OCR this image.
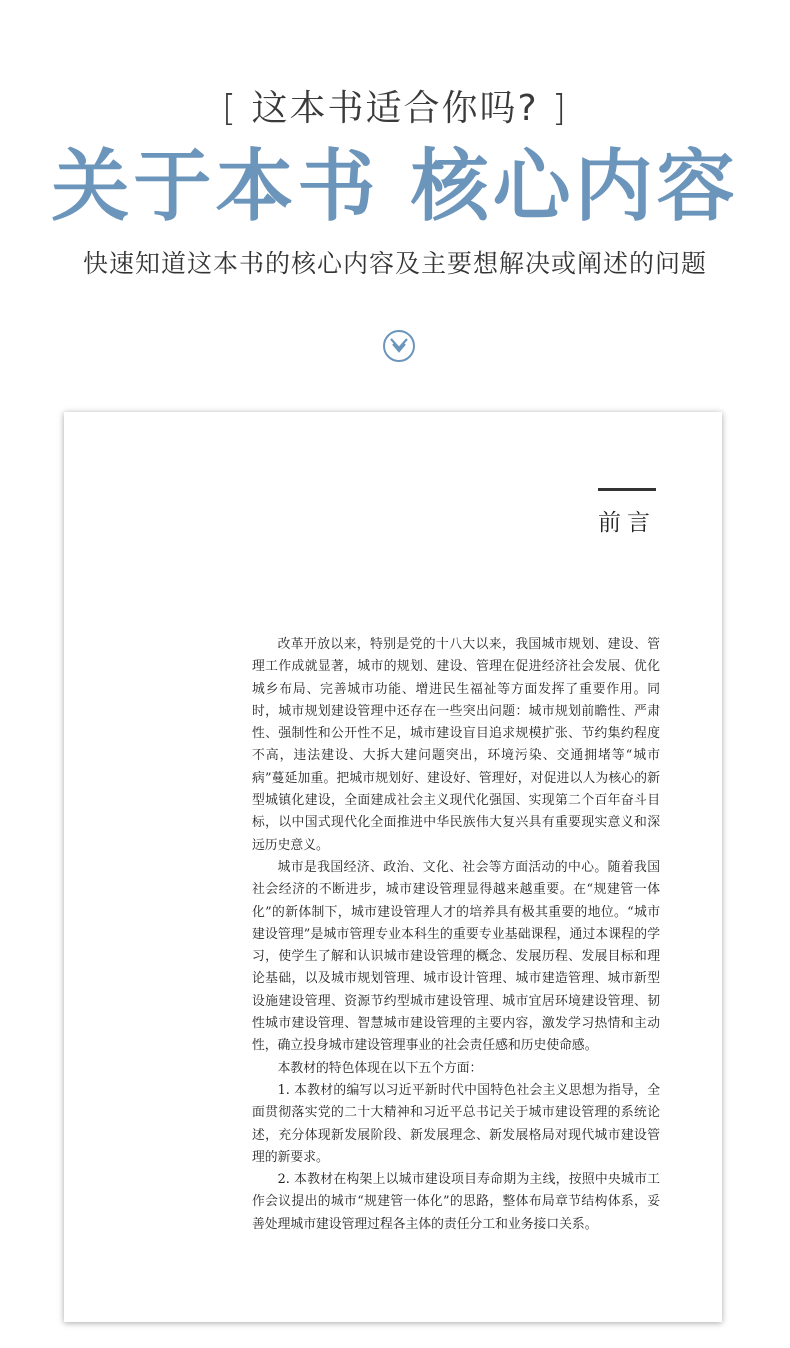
[ 这本书适合你吗? ]
关于本书 核心内容
快速知道这本书的核心内容及主要想解决或阐述的问题
前言

改革开放以来，特别是党的十八大以来，我国城市规划、建设、管理工作成就显著，城市的规划、建设、管理在促进经济社会发展、优化城乡布局、完善城市功能、增进民生福祉等方面发挥了重要作用。同时，城市规划建设管理中还存在一些突出问题：城市规划前瞻性、严肃性、强制性和公开性不足，城市建设盲目追求规模扩张、节约集约程度不高，违法建设、大拆大建问题突出，环境污染、交通拥堵等“城市病”蔓延加重。把城市规划好、建设好、管理好，对促进以人为核心的新型城镇化建设，全面建成社会主义现代化强国、实现第二个百年奋斗目标，以中国式现代化全面推进中华民族伟大复兴具有重要现实意义和深远历史意义。

城市是我国经济、政治、文化、社会等方面活动的中心。随着我国社会经济的不断进步，城市建设管理显得越来越重要。在“规建管一体化”的新体制下，城市建设管理人才的培养具有极其重要的地位。“城市建设管理”是城市管理专业本科生的重要专业基础课程，通过本课程的学习，使学生了解和认识城市建设管理的概念、发展历程、发展目标和理论基础，以及城市规划管理、城市设计管理、城市建造管理、城市新型设施建设管理、资源节约型城市建设管理、城市宜居环境建设管理、韧性城市建设管理、智慧城市建设管理的主要内容，激发学习热情和主动性，确立投身城市建设管理事业的社会责任感和历史使命感。

本教材的特色体现在以下五个方面：

1. 本教材的编写以习近平新时代中国特色社会主义思想为指导，全面贯彻落实党的二十大精神和习近平总书记关于城市建设管理的系统论述，充分体现新发展阶段、新发展理念、新发展格局对现代城市建设管理的新要求。

2. 本教材在构架上以城市建设项目寿命期为主线，按照中央城市工作会议提出的城市“规建管一体化”的思路，整体布局章节结构体系，妥善处理城市建设管理过程各主体的责任分工和业务接口关系。
